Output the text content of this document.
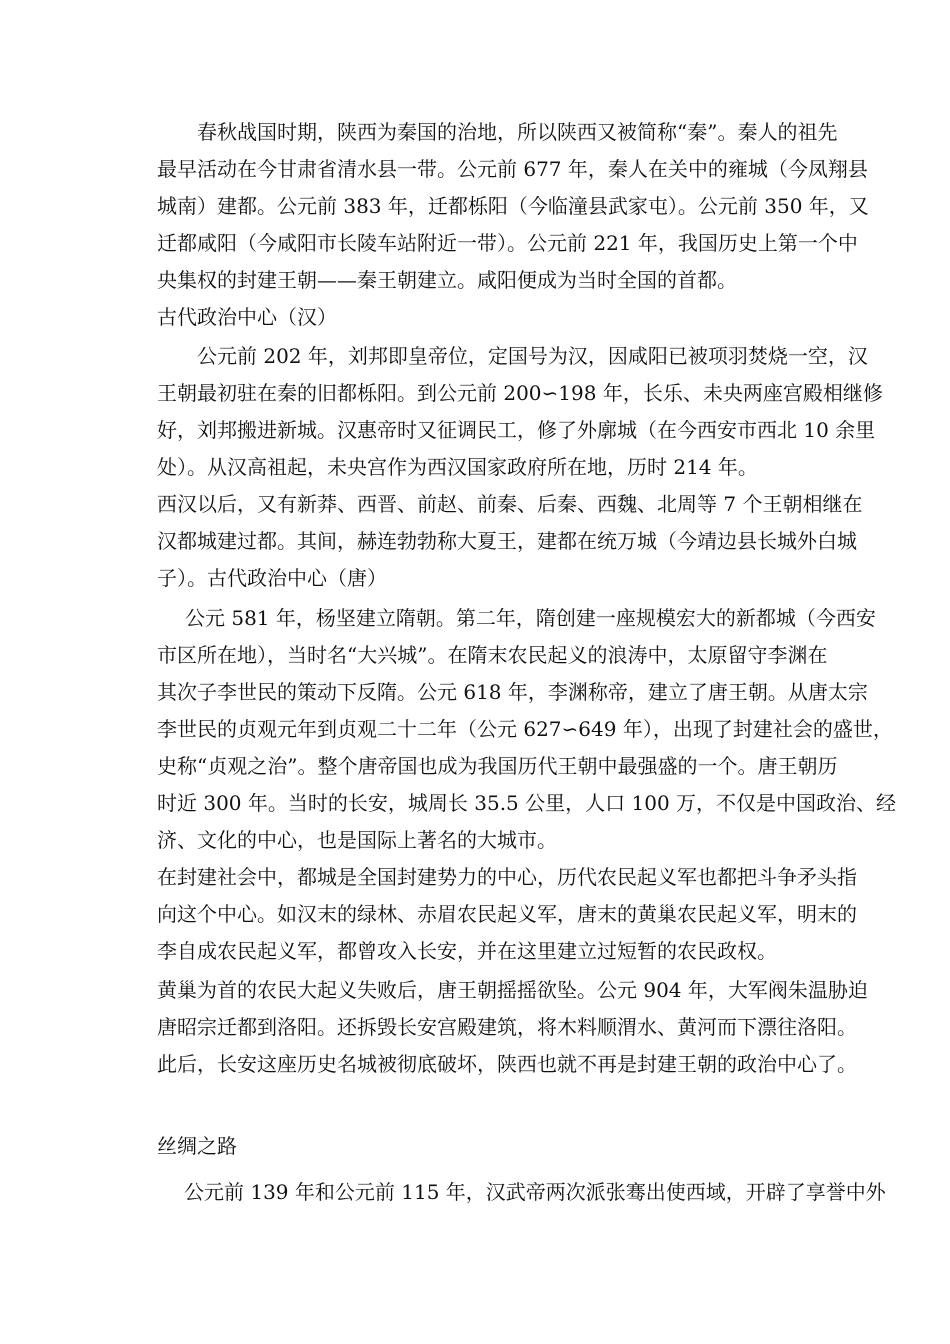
春秋战国时期，陕西为秦国的治地，所以陕西又被简称“秦”。秦人的祖先
最早活动在今甘肃省清水县一带。公元前 677 年，秦人在关中的雍城（今凤翔县
城南）建都。公元前 383 年，迁都栎阳（今临潼县武家屯）。公元前 350 年，又
迁都咸阳（今咸阳市长陵车站附近一带）。公元前 221 年，我国历史上第一个中
央集权的封建王朝——秦王朝建立。咸阳便成为当时全国的首都。
古代政治中心（汉）
公元前 202 年，刘邦即皇帝位，定国号为汉，因咸阳已被项羽焚烧一空，汉
王朝最初驻在秦的旧都栎阳。到公元前 200∽198 年，长乐、未央两座宫殿相继修
好，刘邦搬进新城。汉惠帝时又征调民工，修了外廓城（在今西安市西北 10 余里
处）。从汉高祖起，未央宫作为西汉国家政府所在地，历时 214 年。
西汉以后，又有新莽、西晋、前赵、前秦、后秦、西魏、北周等 7 个王朝相继在
汉都城建过都。其间，赫连勃勃称大夏王，建都在统万城（今靖边县长城外白城
子）。古代政治中心（唐）
公元 581 年，杨坚建立隋朝。第二年，隋创建一座规模宏大的新都城（今西安
市区所在地），当时名“大兴城”。在隋末农民起义的浪涛中，太原留守李渊在
其次子李世民的策动下反隋。公元 618 年，李渊称帝，建立了唐王朝。从唐太宗
李世民的贞观元年到贞观二十二年（公元 627∽649 年），出现了封建社会的盛世，
史称“贞观之治”。整个唐帝国也成为我国历代王朝中最强盛的一个。唐王朝历
时近 300 年。当时的长安，城周长 35.5 公里，人口 100 万，不仅是中国政治、经
济、文化的中心，也是国际上著名的大城市。
在封建社会中，都城是全国封建势力的中心，历代农民起义军也都把斗争矛头指
向这个中心。如汉末的绿林、赤眉农民起义军，唐末的黄巢农民起义军，明末的
李自成农民起义军，都曾攻入长安，并在这里建立过短暂的农民政权。
黄巢为首的农民大起义失败后，唐王朝摇摇欲坠。公元 904 年，大军阀朱温胁迫
唐昭宗迁都到洛阳。还拆毁长安宫殿建筑，将木料顺渭水、黄河而下漂往洛阳。
此后，长安这座历史名城被彻底破坏，陕西也就不再是封建王朝的政治中心了。
丝绸之路
公元前 139 年和公元前 115 年，汉武帝两次派张骞出使西域，开辟了享誉中外
